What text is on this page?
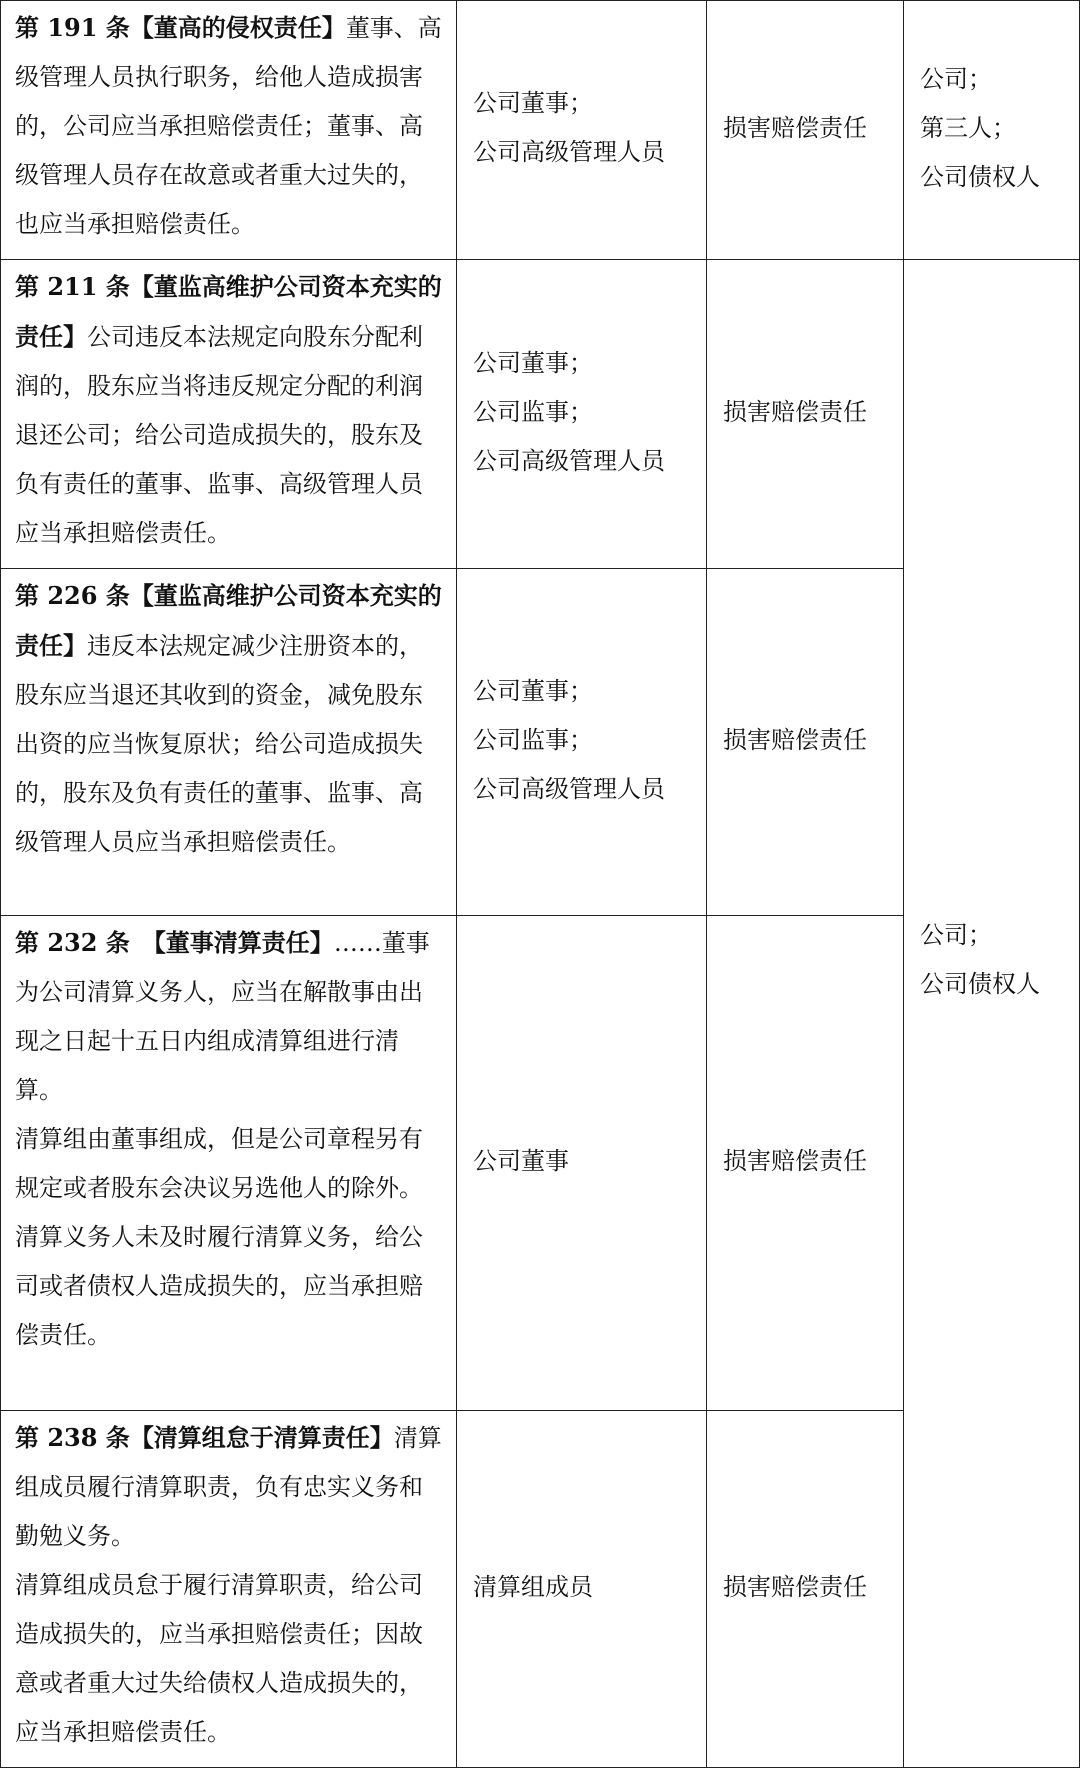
第 191 条【董高的侵权责任】董事、高级管理人员执行职务，给他人造成损害的，公司应当承担赔偿责任；董事、高级管理人员存在故意或者重大过失的，也应当承担赔偿责任。	公司董事；
公司高级管理人员	损害赔偿责任	公司；
第三人；
公司债权人

第 211 条【董监高维护公司资本充实的责任】公司违反本法规定向股东分配利润的，股东应当将违反规定分配的利润退还公司；给公司造成损失的，股东及负有责任的董事、监事、高级管理人员应当承担赔偿责任。	公司董事；
公司监事；
公司高级管理人员	损害赔偿责任	公司；
公司债权人

第 226 条【董监高维护公司资本充实的责任】违反本法规定减少注册资本的，股东应当退还其收到的资金，减免股东出资的应当恢复原状；给公司造成损失的，股东及负有责任的董事、监事、高级管理人员应当承担赔偿责任。	公司董事；
公司监事；
公司高级管理人员	损害赔偿责任	
第 232 条　【董事清算责任】……董事为公司清算义务人，应当在解散事由出现之日起十五日内组成清算组进行清算。
清算组由董事组成，但是公司章程另有规定或者股东会决议另选他人的除外。
清算义务人未及时履行清算义务，给公司或者债权人造成损失的，应当承担赔偿责任。	公司董事	损害赔偿责任	
第 238 条【清算组怠于清算责任】清算组成员履行清算职责，负有忠实义务和勤勉义务。
清算组成员怠于履行清算职责，给公司造成损失的，应当承担赔偿责任；因故意或者重大过失给债权人造成损失的，应当承担赔偿责任。	清算组成员	损害赔偿责任	
